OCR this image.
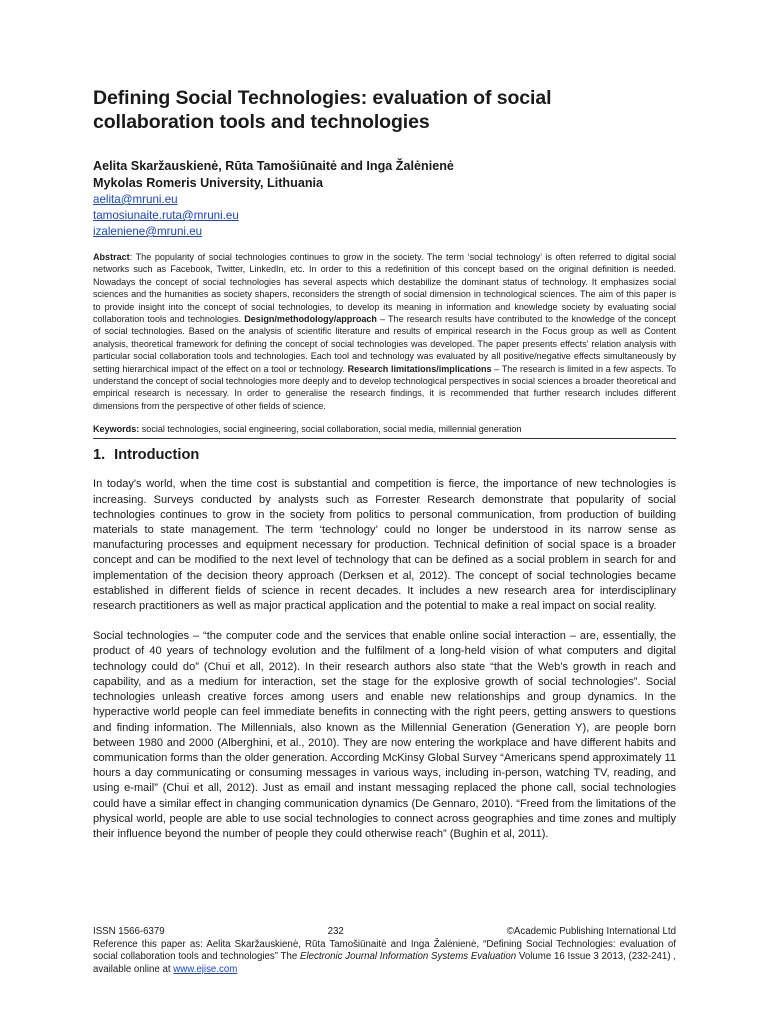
Defining Social Technologies: evaluation of social
collaboration tools and technologies
Aelita Skaržauskienė, Rūta Tamošiūnaitė and Inga Žalėnienė
Mykolas Romeris University, Lithuania
aelita@mruni.eu
tamosiunaite.ruta@mruni.eu
izaleniene@mruni.eu
Abstract: The popularity of social technologies continues to grow in the society. The term ‘social technology’ is often referred to digital social networks such as Facebook, Twitter, LinkedIn, etc. In order to this a redefinition of this concept based on the original definition is needed. Nowadays the concept of social technologies has several aspects which destabilize the dominant status of technology. It emphasizes social sciences and the humanities as society shapers, reconsiders the strength of social dimension in technological sciences. The aim of this paper is to provide insight into the concept of social technologies, to develop its meaning in information and knowledge society by evaluating social collaboration tools and technologies. Design/methodology/approach – The research results have contributed to the knowledge of the concept of social technologies. Based on the analysis of scientific literature and results of empirical research in the Focus group as well as Content analysis, theoretical framework for defining the concept of social technologies was developed. The paper presents effects’ relation analysis with particular social collaboration tools and technologies. Each tool and technology was evaluated by all positive/negative effects simultaneously by setting hierarchical impact of the effect on a tool or technology. Research limitations/implications – The research is limited in a few aspects. To understand the concept of social technologies more deeply and to develop technological perspectives in social sciences a broader theoretical and empirical research is necessary. In order to generalise the research findings, it is recommended that further research includes different dimensions from the perspective of other fields of science.
Keywords: social technologies, social engineering, social collaboration, social media, millennial generation
1. Introduction

In today's world, when the time cost is substantial and competition is fierce, the importance of new technologies is increasing. Surveys conducted by analysts such as Forrester Research demonstrate that popularity of social technologies continues to grow in the society from politics to personal communication, from production of building materials to state management. The term ‘technology’ could no longer be understood in its narrow sense as manufacturing processes and equipment necessary for production. Technical definition of social space is a broader concept and can be modified to the next level of technology that can be defined as a social problem in search for and implementation of the decision theory approach (Derksen et al, 2012). The concept of social technologies became established in different fields of science in recent decades. It includes a new research area for interdisciplinary research practitioners as well as major practical application and the potential to make a real impact on social reality.

Social technologies – “the computer code and the services that enable online social interaction – are, essentially, the product of 40 years of technology evolution and the fulfilment of a long-held vision of what computers and digital technology could do” (Chui et all, 2012). In their research authors also state “that the Web’s growth in reach and capability, and as a medium for interaction, set the stage for the explosive growth of social technologies”. Social technologies unleash creative forces among users and enable new relationships and group dynamics. In the hyperactive world people can feel immediate benefits in connecting with the right peers, getting answers to questions and finding information. The Millennials, also known as the Millennial Generation (Generation Y), are people born between 1980 and 2000 (Alberghini, et al., 2010). They are now entering the workplace and have different habits and communication forms than the older generation. According McKinsy Global Survey “Americans spend approximately 11 hours a day communicating or consuming messages in various ways, including in-person, watching TV, reading, and using e-mail” (Chui et all, 2012). Just as email and instant messaging replaced the phone call, social technologies could have a similar effect in changing communication dynamics (De Gennaro, 2010). “Freed from the limitations of the physical world, people are able to use social technologies to connect across geographies and time zones and multiply their influence beyond the number of people they could otherwise reach” (Bughin et al, 2011).

ISSN 1566-6379	232	©Academic Publishing International Ltd
Reference this paper as: Aelita Skaržauskienė, Rūta Tamošiūnaitė and Inga Žalėnienė, “Defining Social Technologies: evaluation of social collaboration tools and technologies” The Electronic Journal Information Systems Evaluation Volume 16 Issue 3 2013, (232-241) , available online at www.ejise.com
